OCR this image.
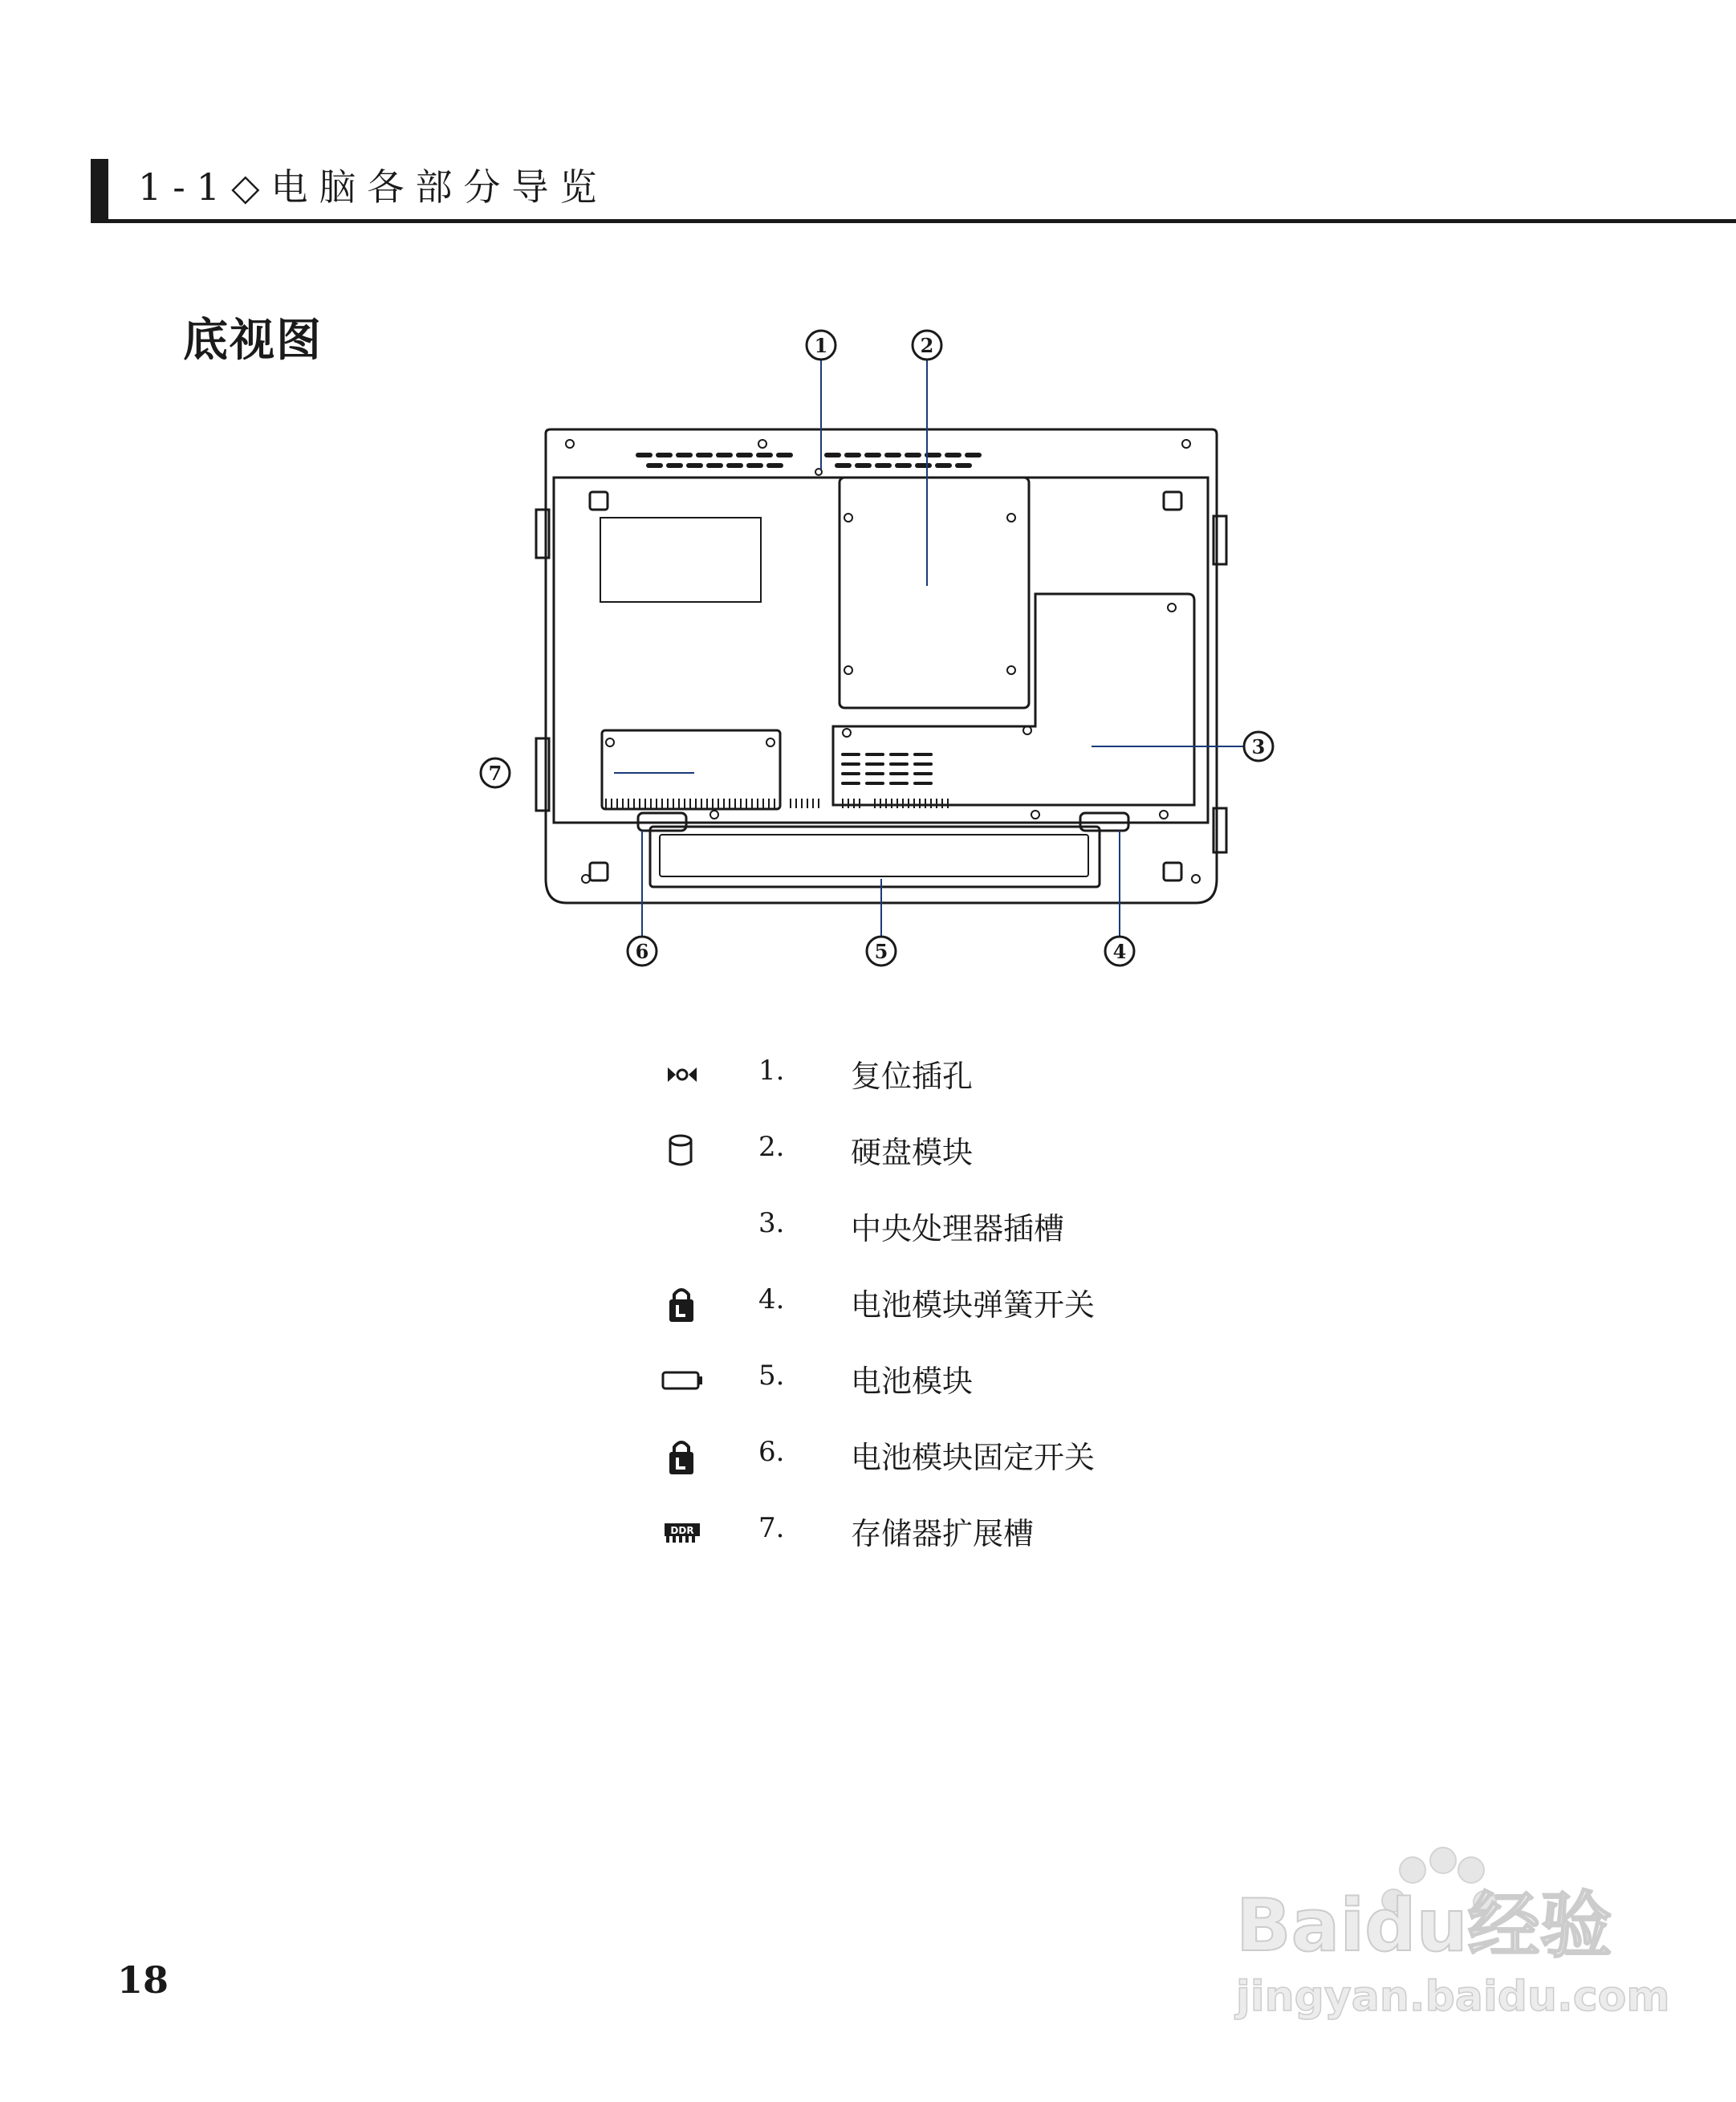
1-1◇电脑各部分导览
底视图	1	2
3
4
5
6
7
1. 复位插孔
2. 硬盘模块
3. 中央处理器插槽
4. 电池模块弹簧开关
5. 电池模块
6. 电池模块固定开关
DDR 7. 存储器扩展槽
18
Baidu经验
jingyan.baidu.com
